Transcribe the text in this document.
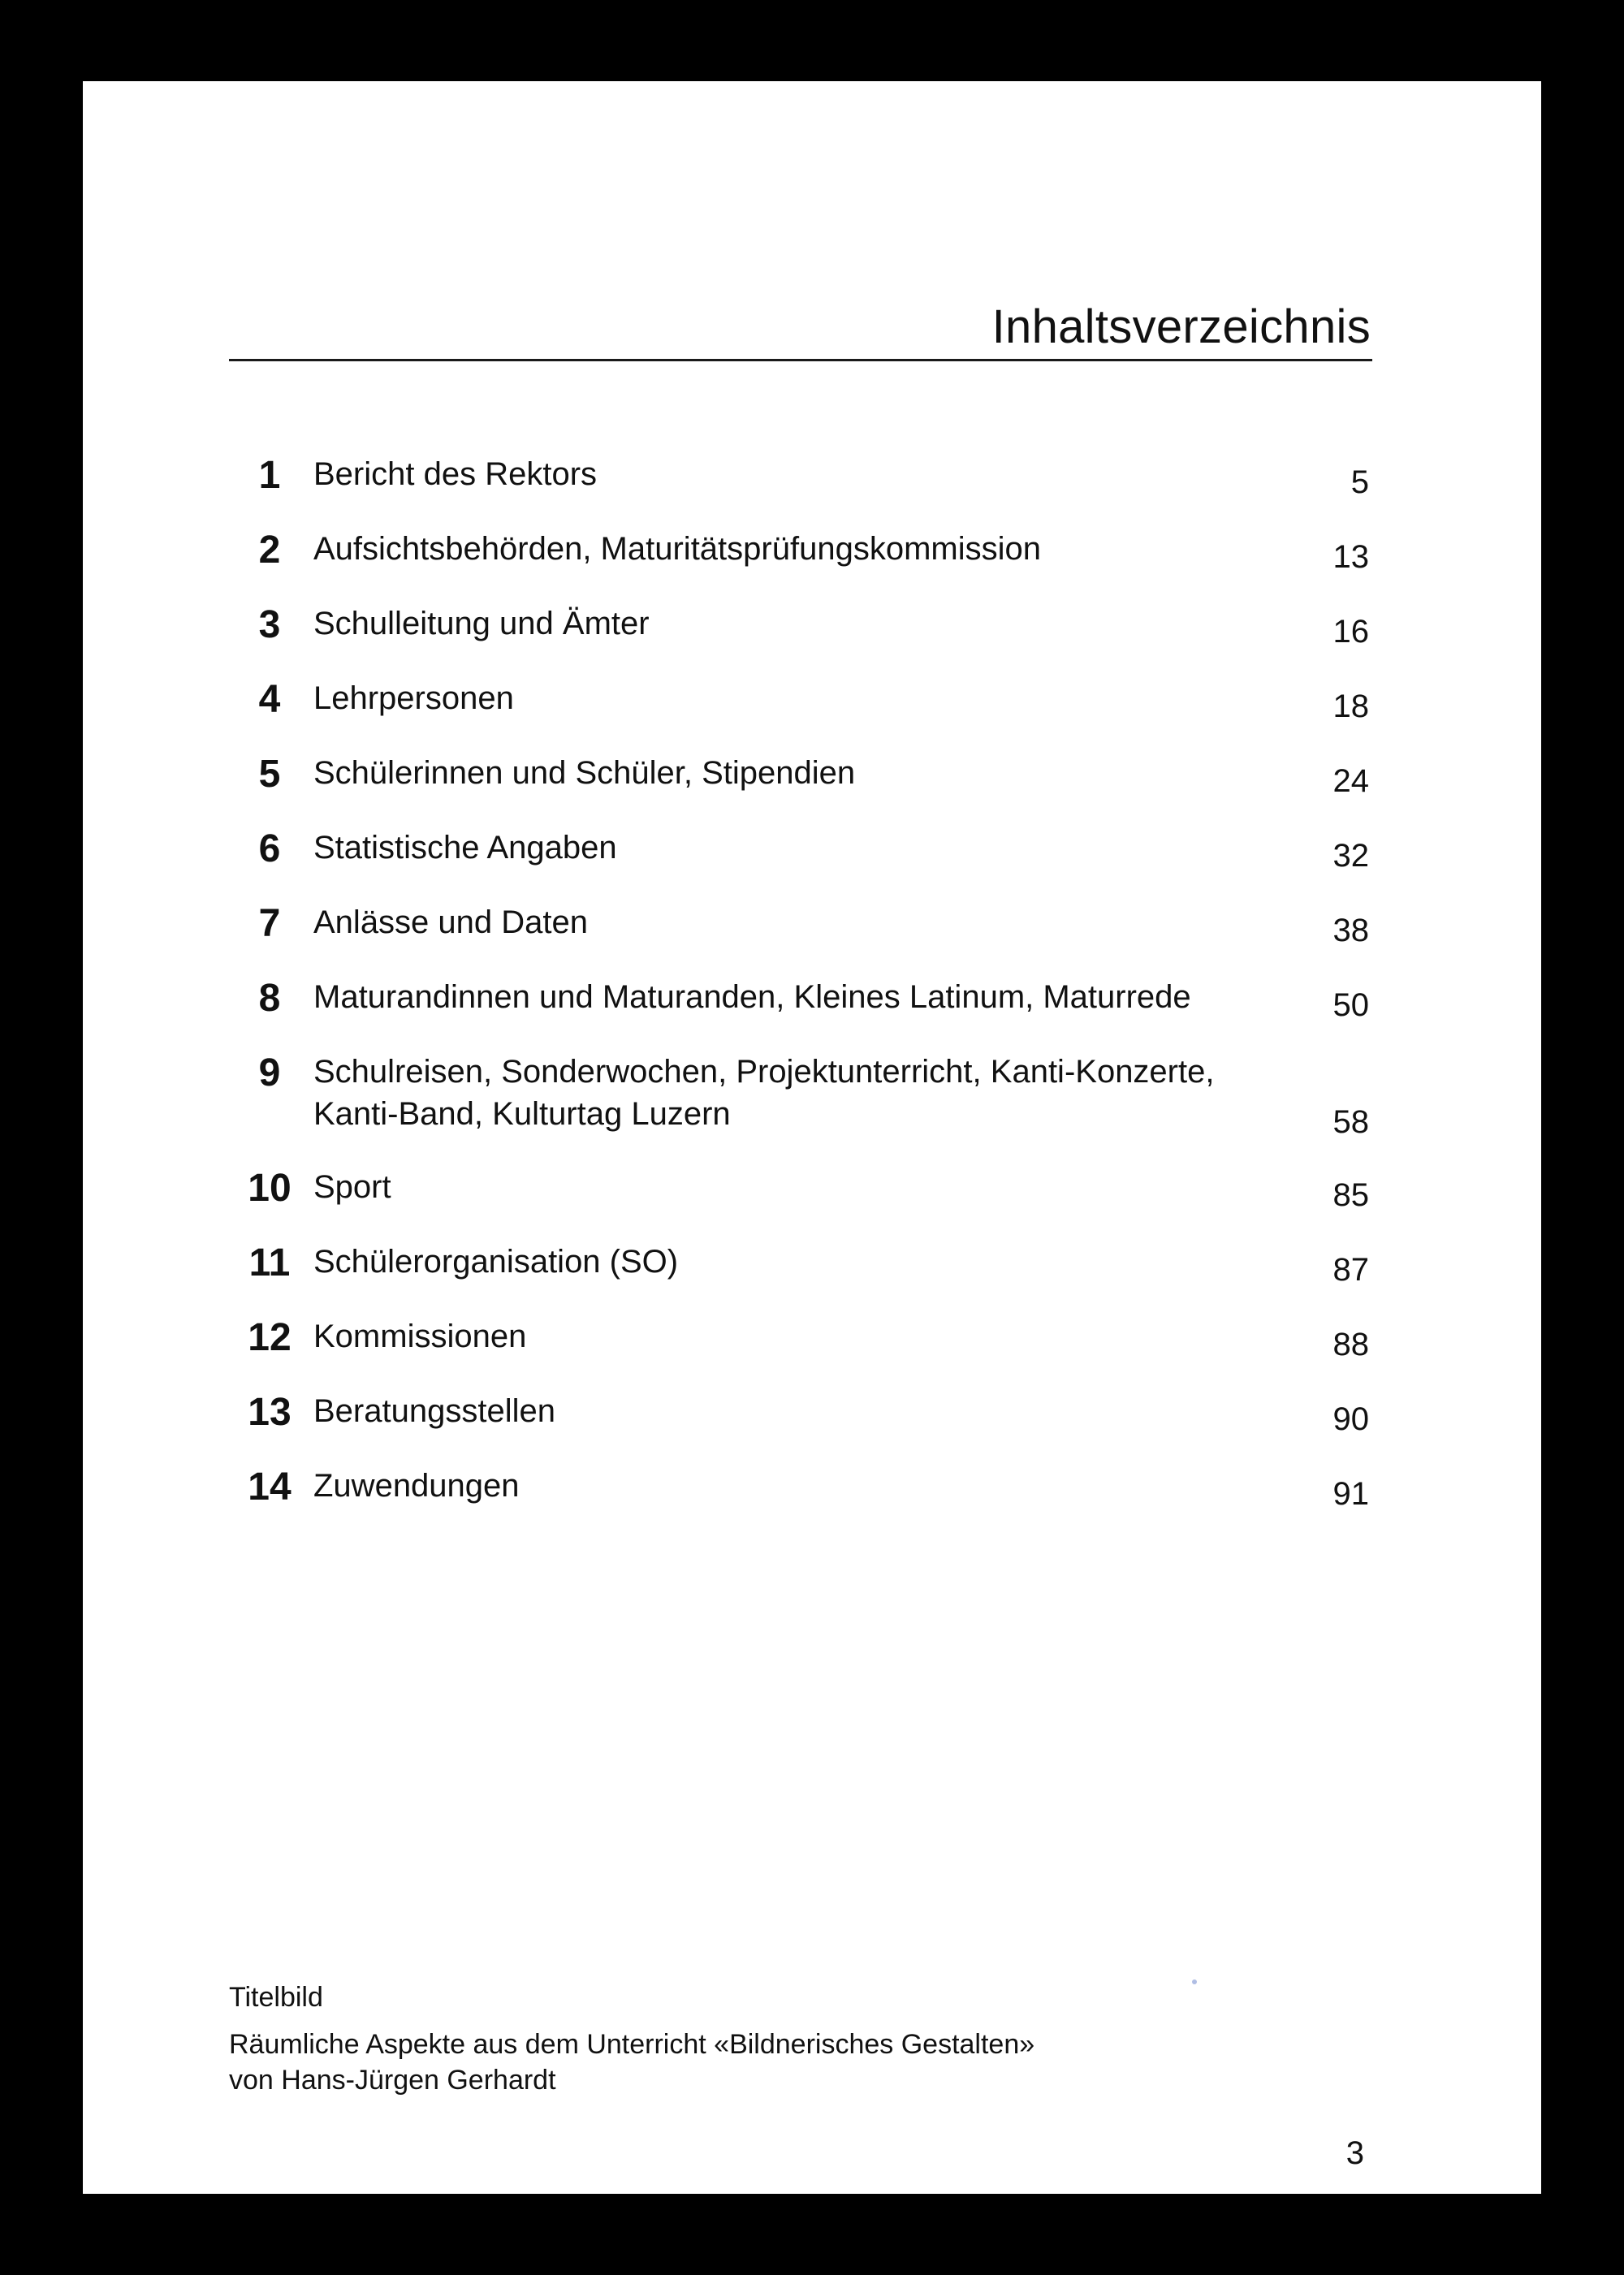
Inhaltsverzeichnis
1	Bericht des Rektors	5
2	Aufsichtsbehörden, Maturitätsprüfungskommission	13
3	Schulleitung und Ämter	16
4	Lehrpersonen	18
5	Schülerinnen und Schüler, Stipendien	24
6	Statistische Angaben	32
7	Anlässe und Daten	38
8	Maturandinnen und Maturanden, Kleines Latinum, Maturrede	50
9	Schulreisen, Sonderwochen, Projektunterricht, Kanti-Konzerte,
Kanti-Band, Kulturtag Luzern	58
10 Sport	85
11 Schülerorganisation (SO)	87
12 Kommissionen	88
13 Beratungsstellen	90
14 Zuwendungen	91
Titelbild
Räumliche Aspekte aus dem Unterricht «Bildnerisches Gestalten»
von Hans-Jürgen Gerhardt
3
